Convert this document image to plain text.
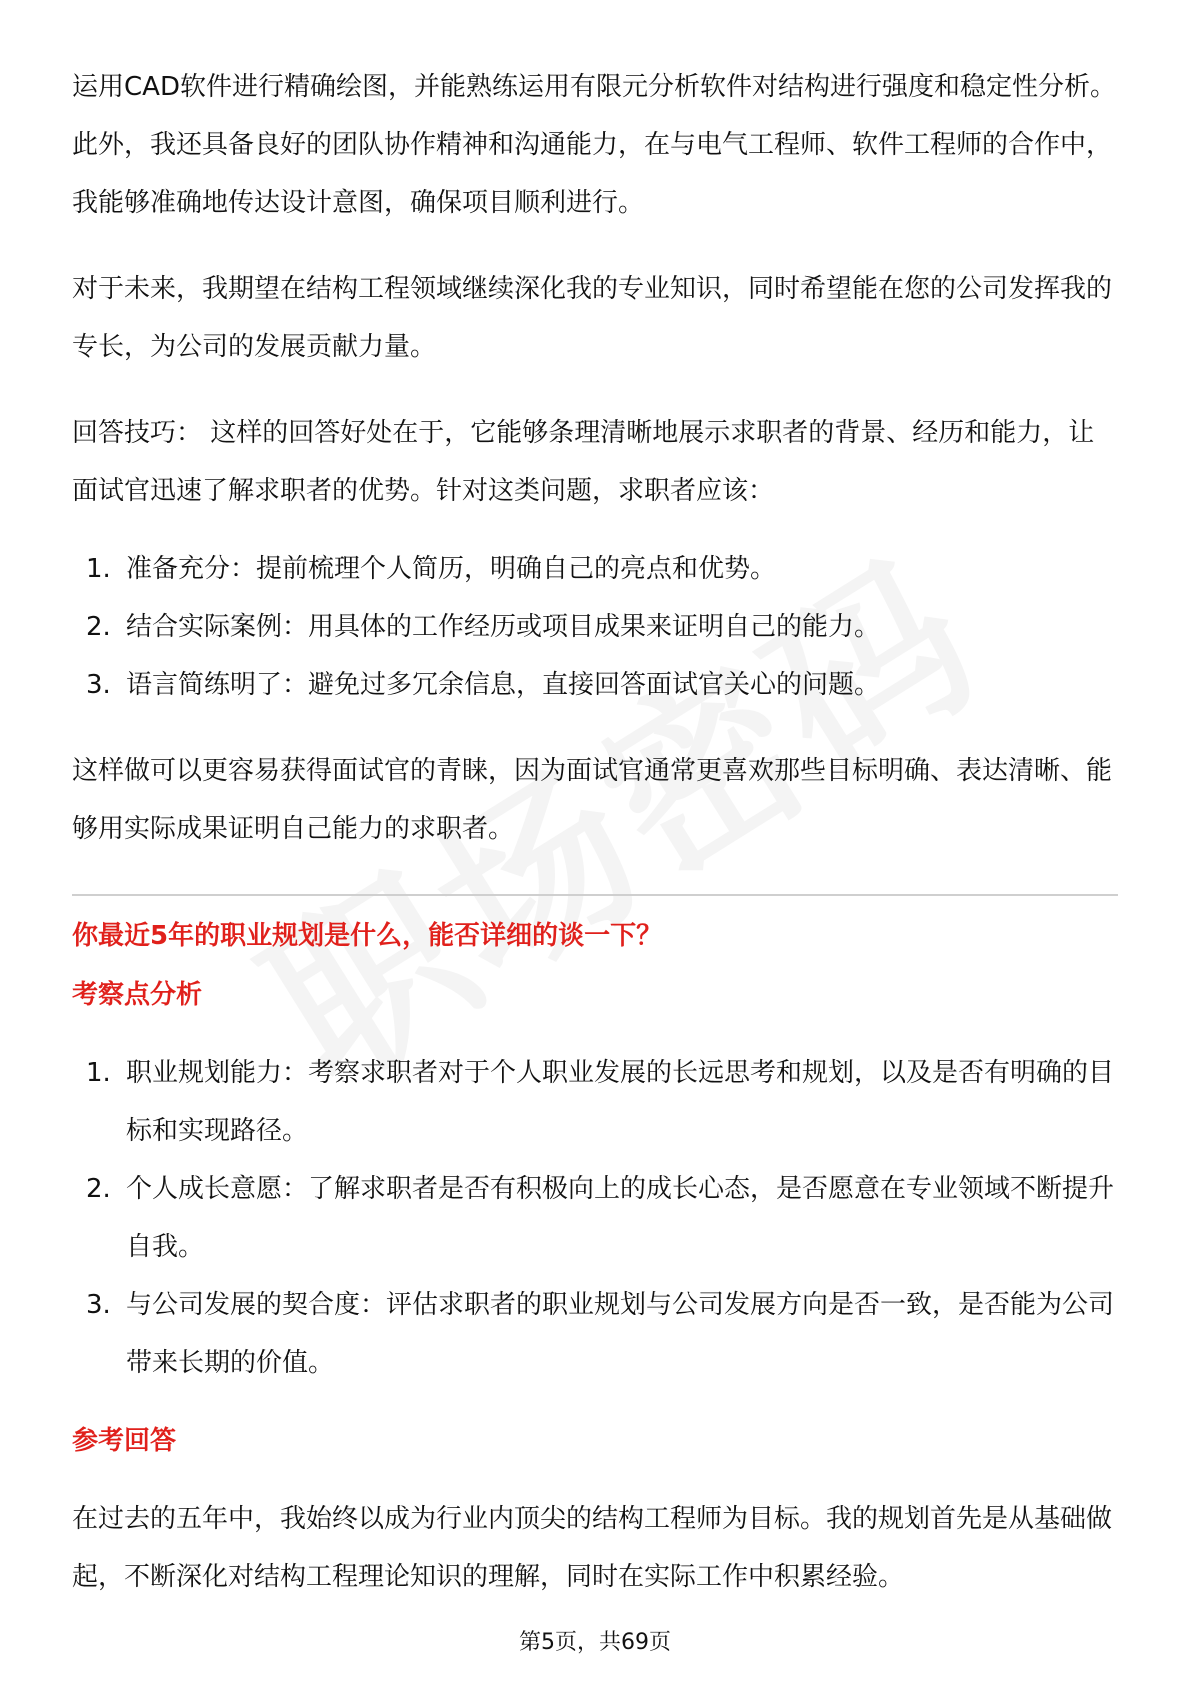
运用CAD软件进行精确绘图，并能熟练运用有限元分析软件对结构进行强度和稳定性分析。此外，我还具备良好的团队协作精神和沟通能力，在与电气工程师、软件工程师的合作中，我能够准确地传达设计意图，确保项目顺利进行。

对于未来，我期望在结构工程领域继续深化我的专业知识，同时希望能在您的公司发挥我的专长，为公司的发展贡献力量。

回答技巧： 这样的回答好处在于，它能够条理清晰地展示求职者的背景、经历和能力，让面试官迅速了解求职者的优势。针对这类问题，求职者应该：

1. 准备充分：提前梳理个人简历，明确自己的亮点和优势。
2. 结合实际案例：用具体的工作经历或项目成果来证明自己的能力。
3. 语言简练明了：避免过多冗余信息，直接回答面试官关心的问题。

这样做可以更容易获得面试官的青睐，因为面试官通常更喜欢那些目标明确、表达清晰、能够用实际成果证明自己能力的求职者。

你最近5年的职业规划是什么，能否详细的谈一下？
考察点分析
1. 职业规划能力：考察求职者对于个人职业发展的长远思考和规划，以及是否有明确的目标和实现路径。
2. 个人成长意愿：了解求职者是否有积极向上的成长心态，是否愿意在专业领域不断提升自我。
3. 与公司发展的契合度：评估求职者的职业规划与公司发展方向是否一致，是否能为公司带来长期的价值。
参考回答

在过去的五年中，我始终以成为行业内顶尖的结构工程师为目标。我的规划首先是从基础做起，不断深化对结构工程理论知识的理解，同时在实际工作中积累经验。

第5页，共69页
